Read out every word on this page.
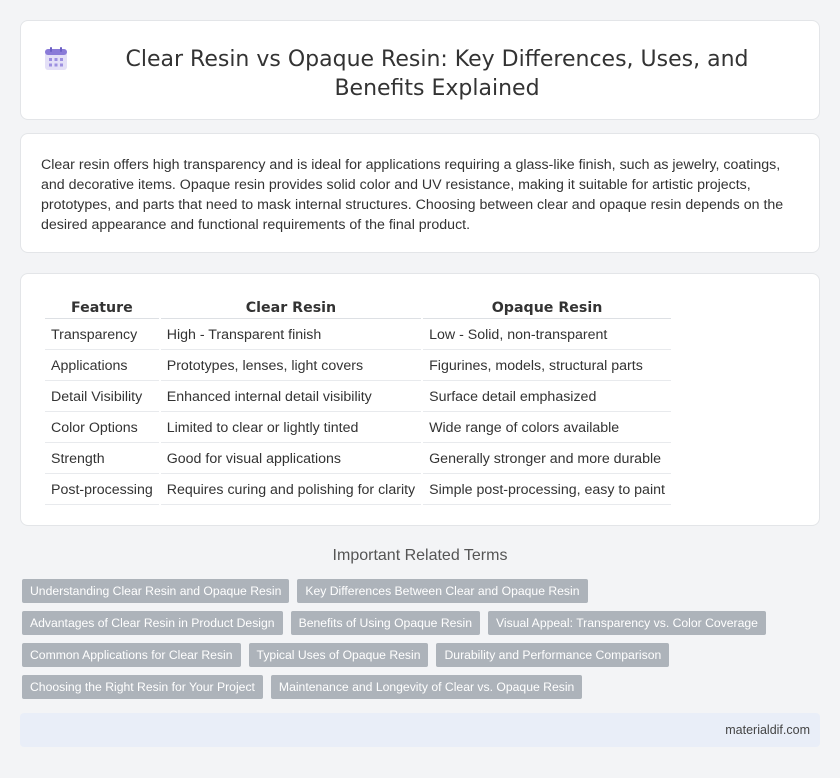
Clear Resin vs Opaque Resin: Key Differences, Uses, and Benefits Explained

Clear resin offers high transparency and is ideal for applications requiring a glass-like finish, such as jewelry, coatings, and decorative items. Opaque resin provides solid color and UV resistance, making it suitable for artistic projects, prototypes, and parts that need to mask internal structures. Choosing between clear and opaque resin depends on the desired appearance and functional requirements of the final product.

Feature	Clear Resin	Opaque Resin
Transparency	High - Transparent finish	Low - Solid, non-transparent
Applications	Prototypes, lenses, light covers	Figurines, models, structural parts
Detail Visibility	Enhanced internal detail visibility	Surface detail emphasized
Color Options	Limited to clear or lightly tinted	Wide range of colors available
Strength	Good for visual applications	Generally stronger and more durable
Post-processing	Requires curing and polishing for clarity	Simple post-processing, easy to paint
Important Related Terms
Understanding Clear Resin and Opaque Resin	Key Differences Between Clear and Opaque Resin
Advantages of Clear Resin in Product Design	Benefits of Using Opaque Resin	Visual Appeal: Transparency vs. Color Coverage
Common Applications for Clear Resin	Typical Uses of Opaque Resin	Durability and Performance Comparison
Choosing the Right Resin for Your Project	Maintenance and Longevity of Clear vs. Opaque Resin
materialdif.com
